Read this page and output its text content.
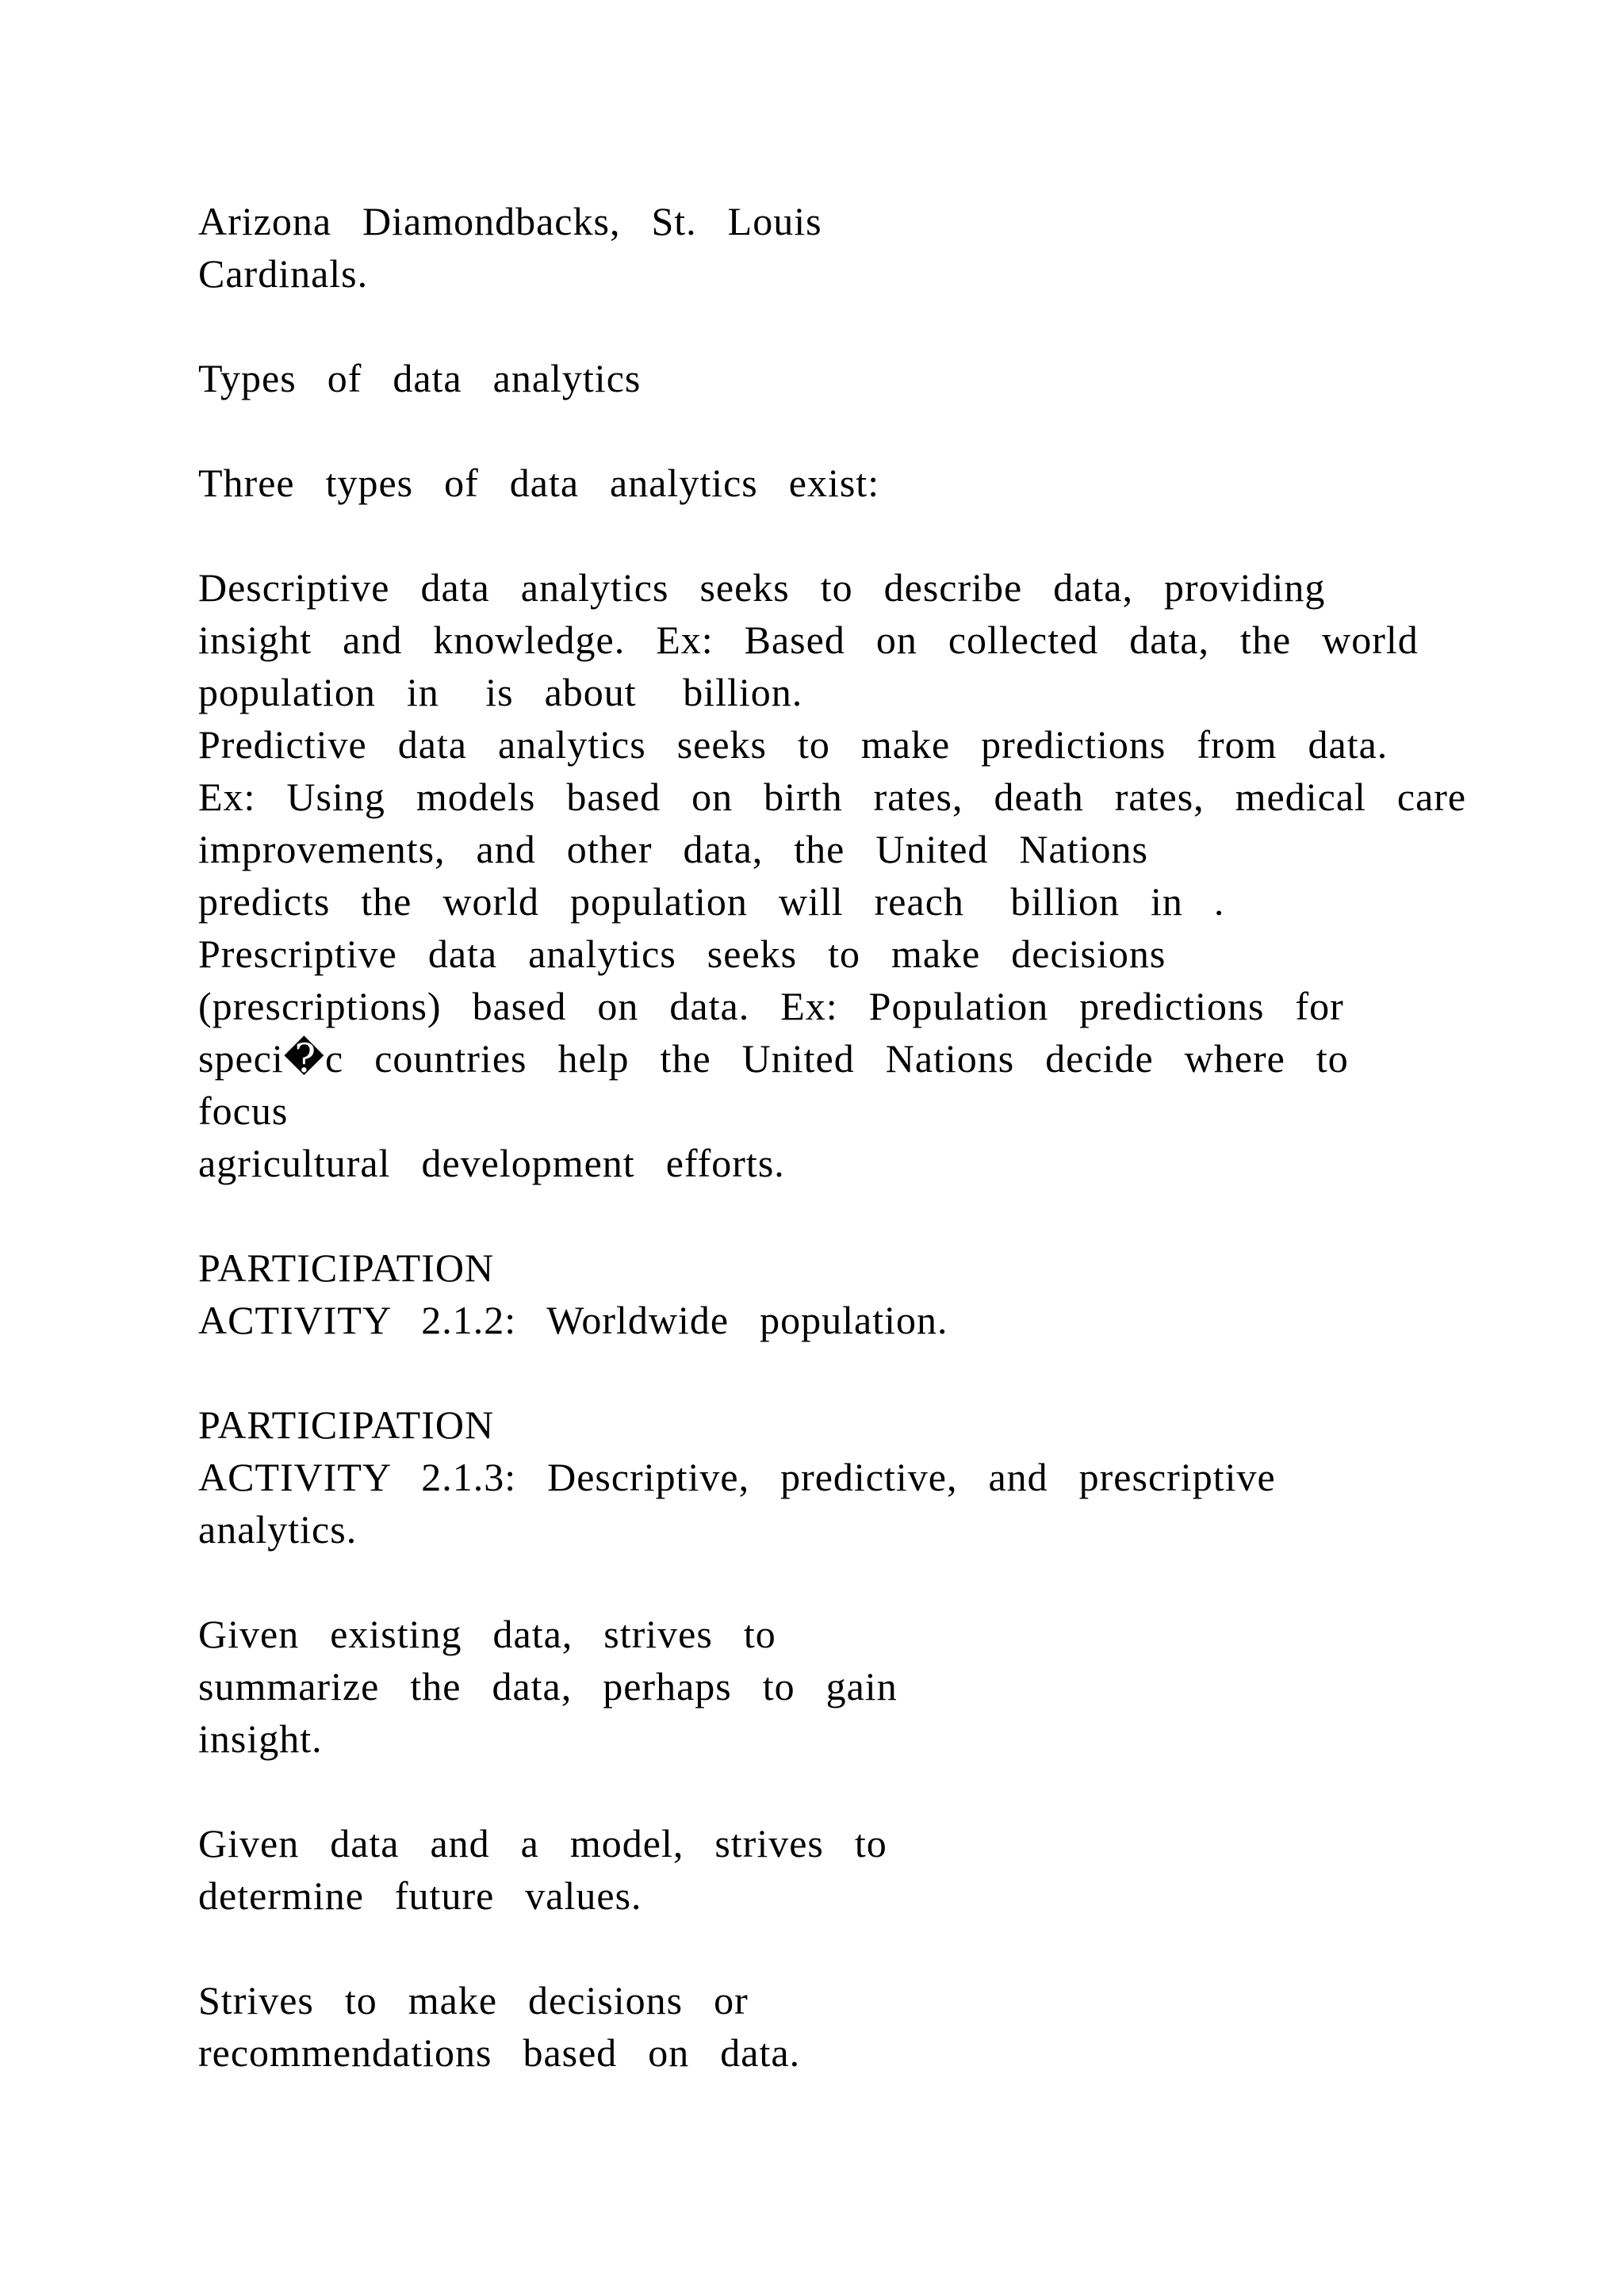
Arizona  Diamondbacks,  St.  Louis
Cardinals.
Types  of  data  analytics
Three  types  of  data  analytics  exist:
Descriptive  data  analytics  seeks  to  describe  data,  providing
insight  and  knowledge.  Ex:  Based  on  collected  data,  the  world
population  in   is  about   billion.
Predictive  data  analytics  seeks  to  make  predictions  from  data.
Ex:  Using  models  based  on  birth  rates,  death  rates,  medical  care
improvements,  and  other  data,  the  United  Nations
predicts  the  world  population  will  reach   billion  in  .
Prescriptive  data  analytics  seeks  to  make  decisions
(prescriptions)  based  on  data.  Ex:  Population  predictions  for
speci�c  countries  help  the  United  Nations  decide  where  to
focus
agricultural  development  efforts.
PARTICIPATION
ACTIVITY  2.1.2:  Worldwide  population.
PARTICIPATION
ACTIVITY  2.1.3:  Descriptive,  predictive,  and  prescriptive
analytics.
Given  existing  data,  strives  to
summarize  the  data,  perhaps  to  gain
insight.
Given  data  and  a  model,  strives  to
determine  future  values.
Strives  to  make  decisions  or
recommendations  based  on  data.
